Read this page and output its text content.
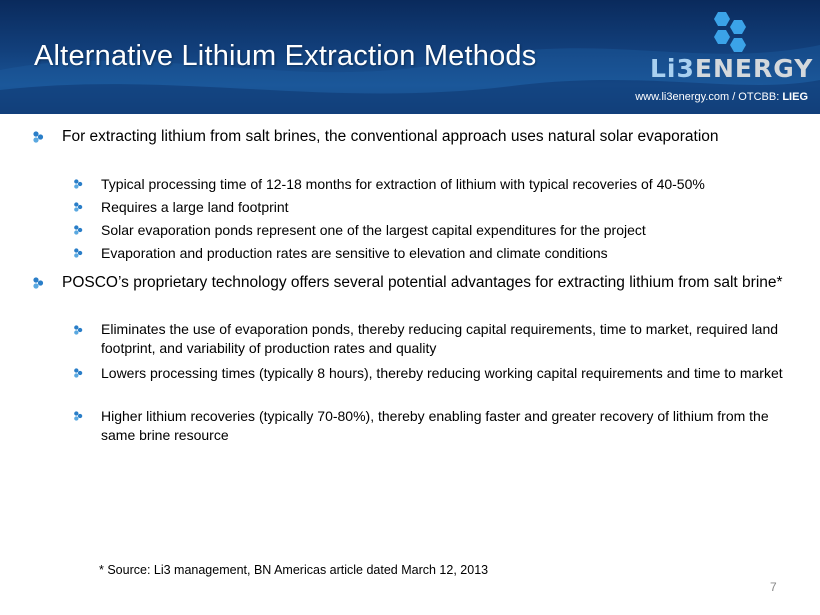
Alternative Lithium Extraction Methods	Li3ENERGY
www.li3energy.com / OTCBB: LIEG
For extracting lithium from salt brines, the conventional approach uses natural solar evaporation
Typical processing time of 12-18 months for extraction of lithium with typical recoveries of 40-50%
Requires a large land footprint
Solar evaporation ponds represent one of the largest capital expenditures for the project
Evaporation and production rates are sensitive to elevation and climate conditions
POSCO’s proprietary technology offers several potential advantages for extracting lithium from salt brine*
Eliminates the use of evaporation ponds, thereby reducing capital requirements, time to market, required land footprint, and variability of production rates and quality
Lowers processing times (typically 8 hours), thereby reducing working capital requirements and time to market
Higher lithium recoveries (typically 70-80%), thereby enabling faster and greater recovery of lithium from the same brine resource
* Source: Li3 management, BN Americas article dated March 12, 2013
7
